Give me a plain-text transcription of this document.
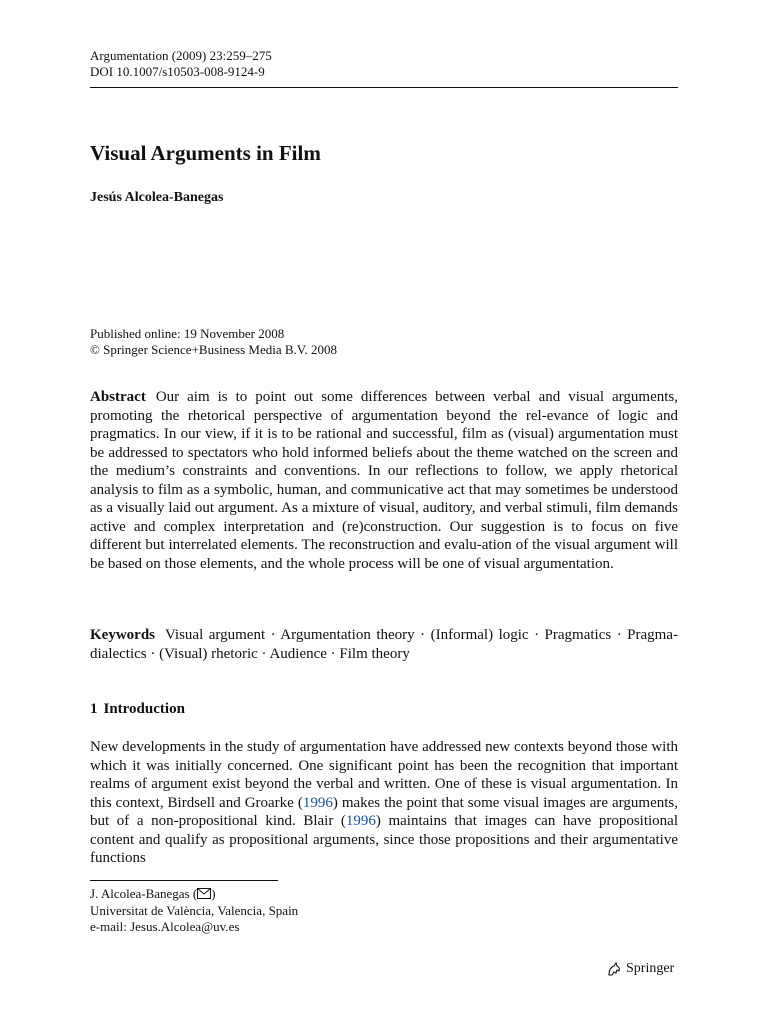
Argumentation (2009) 23:259–275
DOI 10.1007/s10503-008-9124-9
Visual Arguments in Film
Jesús Alcolea-Banegas
Published online: 19 November 2008
© Springer Science+Business Media B.V. 2008
Abstract Our aim is to point out some differences between verbal and visual arguments, promoting the rhetorical perspective of argumentation beyond the rel-evance of logic and pragmatics. In our view, if it is to be rational and successful, film as (visual) argumentation must be addressed to spectators who hold informed beliefs about the theme watched on the screen and the medium’s constraints and conventions. In our reflections to follow, we apply rhetorical analysis to film as a symbolic, human, and communicative act that may sometimes be understood as a visually laid out argument. As a mixture of visual, auditory, and verbal stimuli, film demands active and complex interpretation and (re)construction. Our suggestion is to focus on five different but interrelated elements. The reconstruction and evalu-ation of the visual argument will be based on those elements, and the whole process will be one of visual argumentation.
Keywords Visual argument · Argumentation theory · (Informal) logic · Pragmatics · Pragma-dialectics · (Visual) rhetoric · Audience · Film theory
1 Introduction
New developments in the study of argumentation have addressed new contexts beyond those with which it was initially concerned. One significant point has been the recognition that important realms of argument exist beyond the verbal and written. One of these is visual argumentation. In this context, Birdsell and Groarke (1996) makes the point that some visual images are arguments, but of a non-propositional kind. Blair (1996) maintains that images can have propositional content and qualify as propositional arguments, since those propositions and their argumentative functions
J. Alcolea-Banegas ( )
Universitat de València, Valencia, Spain
e-mail: Jesus.Alcolea@uv.es
Springer
